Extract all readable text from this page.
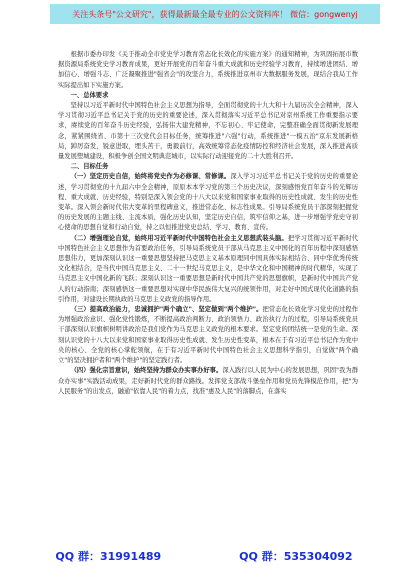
关注头条号"公文研究"，获得最新最全最专业的公文资料库！ 微信：gongwenyj

根据市委办印发《关于推动全市党史学习教育常态化长效化的实施方案》的通知精神，为巩固拓展市数据资源局系统党史学习教育成果，更好开展党的百年奋斗重大成就和历史经验学习教育，持续增进团结、增加信心、增强斗志、广泛凝聚推进"强省会"的攻坚合力，系统推进京州市大数据服务发展，现结合我局工作实际提出如下实施方案。

一、总体要求

坚持以习近平新时代中国特色社会主义思想为指导，全面贯彻党的十九大和十九届历次全会精神，深入学习贯彻习近平总书记关于党的历史的重要论述，深入贯彻落实习近平总书记对京州系统工作重要指示要求，赓续党的百年奋斗历史经验，弘扬伟大建党精神，不忘初心、牢记使命，完整准确全面贯彻新发展理念，紧紧围绕省、市第十三次党代会目标任务，统筹推进"六强"行动，系统推进"一模五治"京东发展新格局，踔厉奋发，锐意进取，埋头苦干，勇毅前行，高效统筹常态化疫情防控和经济社会发展，深入推进高质量发展塑城建设，积极争创全国文明典范城市，以实际行动迎接党的二十大胜利召开。

二、目标任务

（一）坚定历史自信，始终将党史作为必修课、常修课。深入学习习近平总书记关于党的历史的重要论述，学习贯彻党的十九届六中全会精神，原原本本学习党的第三个历史决议，深刻感悟党百年奋斗的光辉历程、重大成就、历史经验，特别是深入领会党的十八大以来党和国家事业取得的历史性成就、发生的历史性变革。深入领会新时代伟大变革的里程碑意义，推进常态化、标志性成果。引导局系统党员干部深刻把握党的历史发展的主题主线、主流本质，强化历史认知，坚定历史自信，筑牢信仰之基，进一步增强学党史守初心使命的思想自觉和行动自觉，持之以恒推进党史总结、学习、教育、宣传。

（二）增强理论自觉，始终用习近平新时代中国特色社会主义思想武装头脑。把学习贯彻习近平新时代中国特色社会主义思想作为首要政治任务，引导局系统党员干部从马克思主义中国化的百年历程中深刻感悟思想伟力，更加深刻认识这一重要思想坚持把马克思主义基本原理同中国具体实际相结合、同中华优秀传统文化相结合，是当代中国马克思主义、二十一世纪马克思主义，是中华文化和中国精神的时代精华，实现了马克思主义中国化新的飞跃；深刻认识这一重要思想是新时代中国共产党的思想旗帜，是新时代中国共产党人的行动指南；深刻感悟这一重要思想对实现中华民族伟大复兴的统领作用，对走好中国式现代化道路的指引作用，对建设长期执政的马克思主义政党的指导作用。

（三）提高政治能力，忠诚拥护"两个确立"、坚定做到"两个维护"。把常态化长效化学习党史的过程作为增强政治意识、强化党性锻炼，不断提高政治判断力、政治领悟力、政治执行力的过程，引导局系统党员干部深刻认识旗帜树明讲政治是我们党作为马克思主义政党的根本要求。坚定党的团结统一是党的生命。深刻认识党的十八大以来党和国家事业取得历史性成就、发生历史性变革，根本在于有习近平总书记作为党中央的核心、全党的核心掌舵领航，在于有习近平新时代中国特色社会主义思想科学指引，自觉做"两个确立"的坚决拥护者和"两个维护"的坚定践行者。

（四）强化宗旨意识，始终坚持为群众办实事办好事。深入践行以人民为中心的发展思想，巩固"我为群众办实事"实践活动成果，走好新时代党的群众路线。发挥党支部战斗堡垒作用和党员先锋模范作用，把"为人民服务"的出发点，融通"依靠人民"的着力点，找准"惠及人民"的落脚点，在落实

QQ 群：31991489	QQ 群：535304092
